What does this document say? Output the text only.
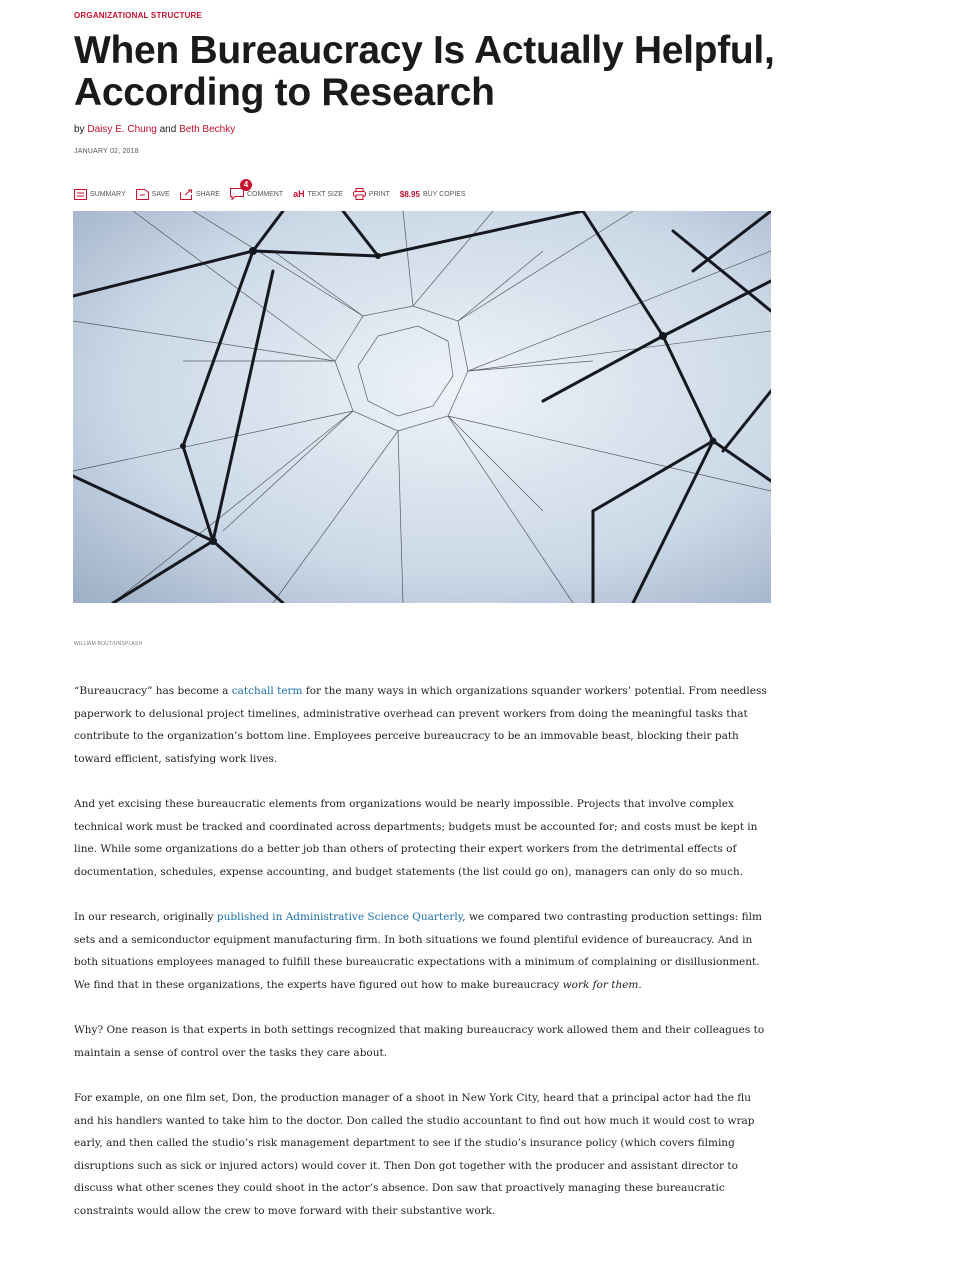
ORGANIZATIONAL STRUCTURE
When Bureaucracy Is Actually Helpful, According to Research
by Daisy E. Chung and Beth Bechky
JANUARY 02, 2018
SUMMARY	SAVE	SHARE
4
COMMENT aH TEXT SIZE	PRINT $8.95 BUY COPIES
WILLIAM BOUT/UNSPLASH

“Bureaucracy” has become a catchall term for the many ways in which organizations squander workers’ potential. From needless paperwork to delusional project timelines, administrative overhead can prevent workers from doing the meaningful tasks that contribute to the organization’s bottom line. Employees perceive bureaucracy to be an immovable beast, blocking their path toward efficient, satisfying work lives.

And yet excising these bureaucratic elements from organizations would be nearly impossible. Projects that involve complex technical work must be tracked and coordinated across departments; budgets must be accounted for; and costs must be kept in line. While some organizations do a better job than others of protecting their expert workers from the detrimental effects of documentation, schedules, expense accounting, and budget statements (the list could go on), managers can only do so much.

In our research, originally published in Administrative Science Quarterly, we compared two contrasting production settings: film sets and a semiconductor equipment manufacturing firm. In both situations we found plentiful evidence of bureaucracy. And in both situations employees managed to fulfill these bureaucratic expectations with a minimum of complaining or disillusionment. We find that in these organizations, the experts have figured out how to make bureaucracy work for them.

Why? One reason is that experts in both settings recognized that making bureaucracy work allowed them and their colleagues to maintain a sense of control over the tasks they care about.

For example, on one film set, Don, the production manager of a shoot in New York City, heard that a principal actor had the flu and his handlers wanted to take him to the doctor. Don called the studio accountant to find out how much it would cost to wrap early, and then called the studio’s risk management department to see if the studio’s insurance policy (which covers filming disruptions such as sick or injured actors) would cover it. Then Don got together with the producer and assistant director to discuss what other scenes they could shoot in the actor’s absence. Don saw that proactively managing these bureaucratic constraints would allow the crew to move forward with their substantive work.
